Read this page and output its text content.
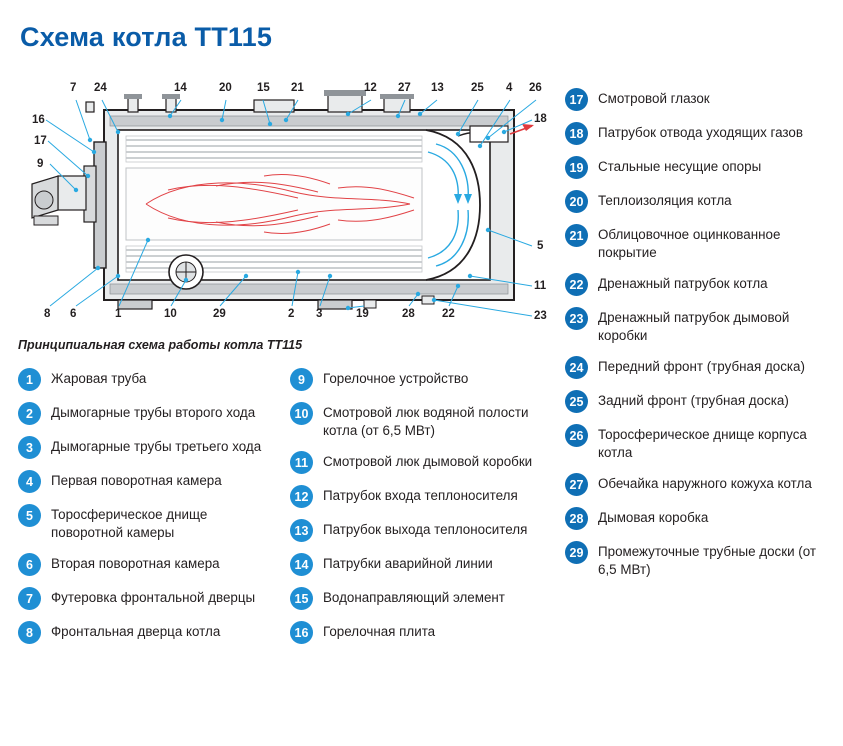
Схема котла ТТ115
7 24	14	20 15 21	12 27 13 25 4 26
16
17
9
18
5
11
23
8 6	1	10	29	2 3	19	28 22
Принципиальная схема работы котла ТТ115
1	Жаровая труба
2	Дымогарные трубы второго хода
3	Дымогарные трубы третьего хода
4	Первая поворотная камера
5	Торосферическое днище поворотной камеры
6	Вторая поворотная камера
7	Футеровка фронтальной дверцы
8	Фронтальная дверца котла
9	Горелочное устройство
10	Смотровой люк водяной полости котла (от 6,5 МВт)
11	Смотровой люк дымовой коробки
12	Патрубок входа теплоносителя
13	Патрубок выхода теплоносителя
14	Патрубки аварийной линии
15	Водонаправляющий элемент
16	Горелочная плита
17	Смотровой глазок
18	Патрубок отвода уходящих газов
19	Стальные несущие опоры
20	Теплоизоляция котла
21	Облицовочное оцинкованное покрытие
22	Дренажный патрубок котла
23	Дренажный патрубок дымовой коробки
24	Передний фронт (трубная доска)
25	Задний фронт (трубная доска)
26	Торосферическое днище корпуса котла
27	Обечайка наружного кожуха котла
28	Дымовая коробка
29	Промежуточные трубные доски (от 6,5 МВт)
